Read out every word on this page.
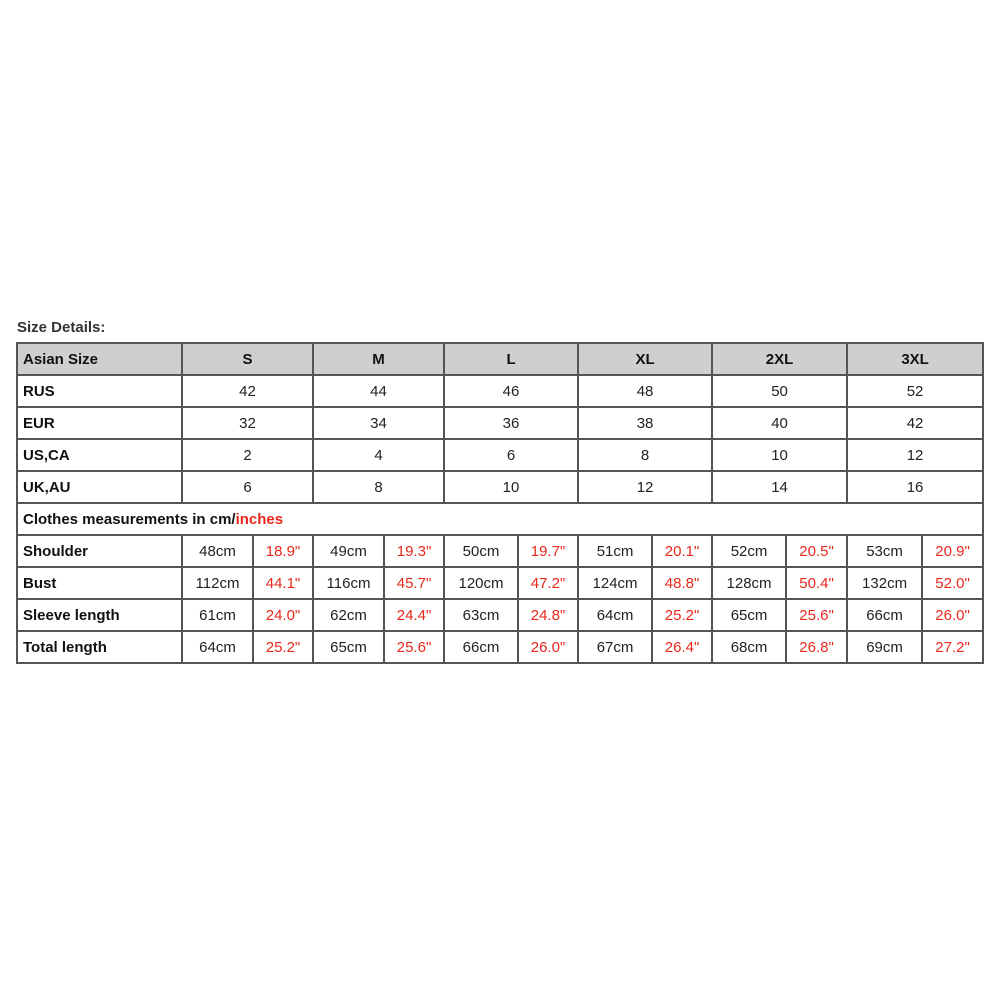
Size Details:
Asian Size	S		M		L		XL		2XL		3XL	
RUS	42		44		46		48		50		52	
EUR	32		34		36		38		40		42	
US,CA	2		4		6		8		10		12	
UK,AU	6		8		10		12		14		16	
Clothes measurements in cm/inches												
Shoulder	48cm	18.9"	49cm	19.3"	50cm	19.7"	51cm	20.1"	52cm	20.5"	53cm	20.9"
Bust	112cm	44.1"	116cm	45.7"	120cm	47.2"	124cm	48.8"	128cm	50.4"	132cm	52.0"
Sleeve length	61cm	24.0"	62cm	24.4"	63cm	24.8"	64cm	25.2"	65cm	25.6"	66cm	26.0"
Total length	64cm	25.2"	65cm	25.6"	66cm	26.0"	67cm	26.4"	68cm	26.8"	69cm	27.2"
